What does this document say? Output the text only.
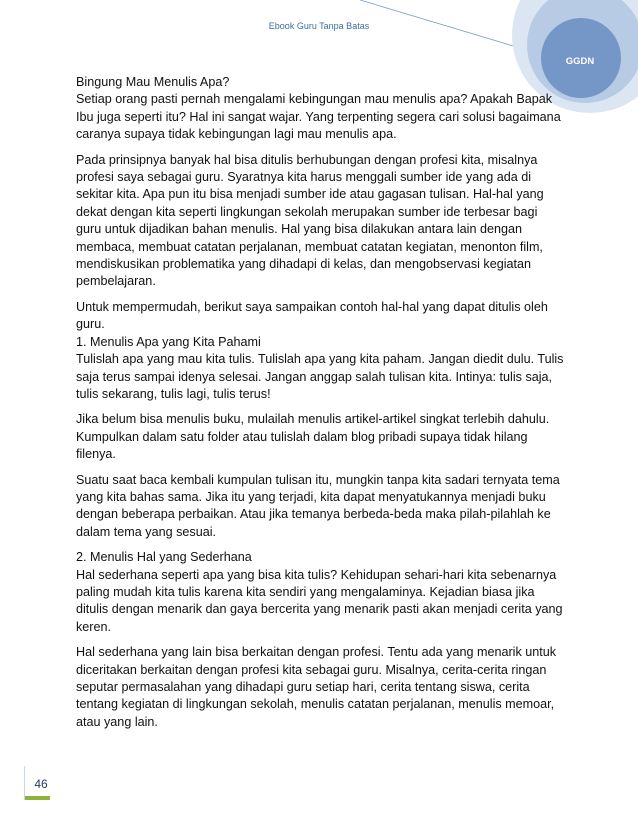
Ebook Guru Tanpa Batas
GGDN

Bingung Mau Menulis Apa?
Setiap orang pasti pernah mengalami kebingungan mau menulis apa? Apakah Bapak Ibu juga seperti itu? Hal ini sangat wajar. Yang terpenting segera cari solusi bagaimana caranya supaya tidak kebingungan lagi mau menulis apa.

Pada prinsipnya banyak hal bisa ditulis berhubungan dengan profesi kita, misalnya profesi saya sebagai guru. Syaratnya kita harus menggali sumber ide yang ada di sekitar kita. Apa pun itu bisa menjadi sumber ide atau gagasan tulisan. Hal-hal yang dekat dengan kita seperti lingkungan sekolah merupakan sumber ide terbesar bagi guru untuk dijadikan bahan menulis. Hal yang bisa dilakukan antara lain dengan membaca, membuat catatan perjalanan, membuat catatan kegiatan, menonton film, mendiskusikan problematika yang dihadapi di kelas, dan mengobservasi kegiatan pembelajaran.

Untuk mempermudah, berikut saya sampaikan contoh hal-hal yang dapat ditulis oleh guru.
1. Menulis Apa yang Kita Pahami
Tulislah apa yang mau kita tulis. Tulislah apa yang kita paham. Jangan diedit dulu. Tulis saja terus sampai idenya selesai. Jangan anggap salah tulisan kita. Intinya: tulis saja, tulis sekarang, tulis lagi, tulis terus!

Jika belum bisa menulis buku, mulailah menulis artikel-artikel singkat terlebih dahulu. Kumpulkan dalam satu folder atau tulislah dalam blog pribadi supaya tidak hilang filenya.

Suatu saat baca kembali kumpulan tulisan itu, mungkin tanpa kita sadari ternyata tema yang kita bahas sama. Jika itu yang terjadi, kita dapat menyatukannya menjadi buku dengan beberapa perbaikan. Atau jika temanya berbeda-beda maka pilah-pilahlah ke dalam tema yang sesuai.

2. Menulis Hal yang Sederhana
Hal sederhana seperti apa yang bisa kita tulis? Kehidupan sehari-hari kita sebenarnya paling mudah kita tulis karena kita sendiri yang mengalaminya. Kejadian biasa jika ditulis dengan menarik dan gaya bercerita yang menarik pasti akan menjadi cerita yang keren.

Hal sederhana yang lain bisa berkaitan dengan profesi. Tentu ada yang menarik untuk diceritakan berkaitan dengan profesi kita sebagai guru. Misalnya, cerita-cerita ringan seputar permasalahan yang dihadapi guru setiap hari, cerita tentang siswa, cerita tentang kegiatan di lingkungan sekolah, menulis catatan perjalanan, menulis memoar, atau yang lain.

46
